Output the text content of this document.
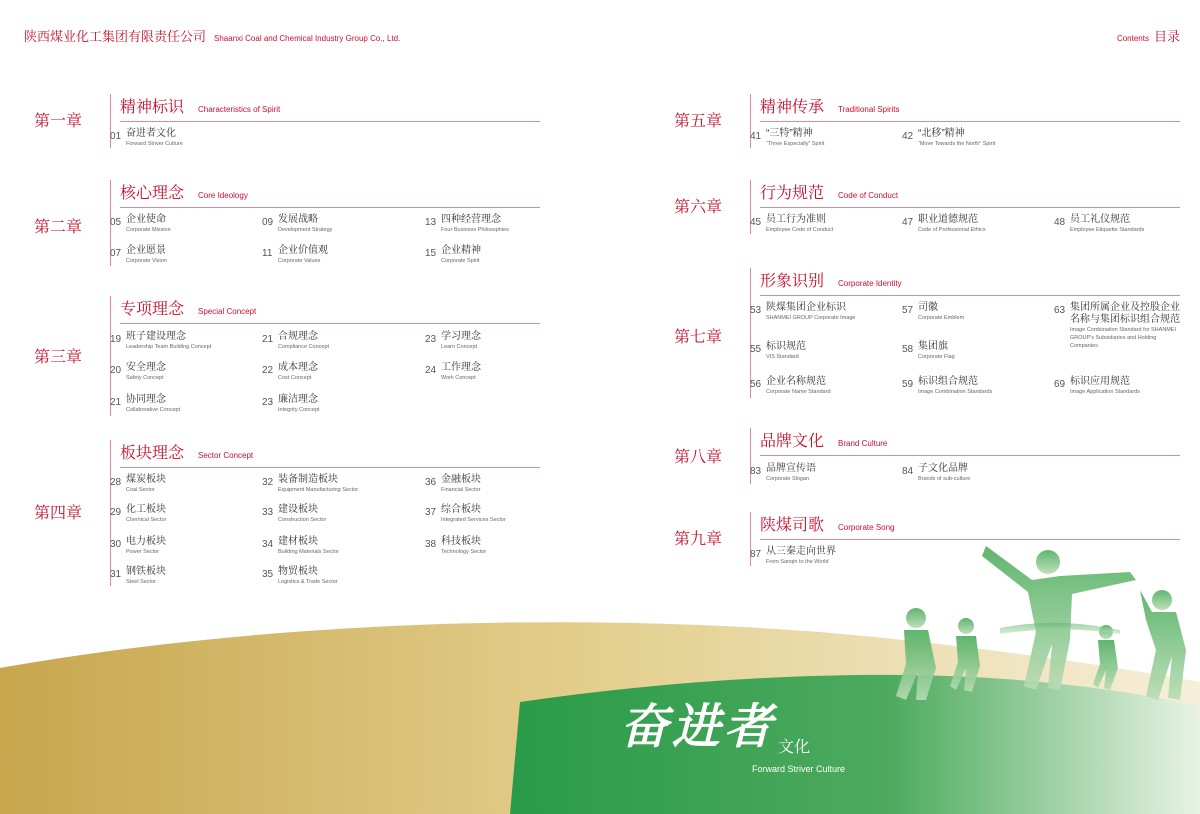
陕西煤业化工集团有限责任公司 Shaanxi Coal and Chemical Industry Group Co., Ltd.	Contents 目录
第一章
精神标识 Characteristics of Spirit
01 奋进者文化
Forward Striver Culture
第二章
核心理念 Core Ideology
05 企业使命
Corporate Mission
09 发展战略
Development Strategy
13 四种经营理念
Four Business Philosophies
07 企业愿景
Corporate Vision
11 企业价值观
Corporate Values
15 企业精神
Corporate Spirit
第三章
专项理念 Special Concept
19 班子建设理念
Leadership Team Building Concept
21 合规理念
Compliance Concept
23 学习理念
Learn Concept
20 安全理念
Safety Concept
22 成本理念
Cost Concept
24 工作理念
Work Concept
21 协同理念
Collaborative Concept
23 廉洁理念
Integrity Concept
第四章
板块理念 Sector Concept
28 煤炭板块
Coal Sector
32 装备制造板块
Equipment Manufacturing Sector
36 金融板块
Financial Sector
29 化工板块
Chemical Sector
33 建设板块
Construction Sector
37 综合板块
Integrated Services Sector
30 电力板块
Power Sector
34 建材板块
Building Materials Sector
38 科技板块
Technology Sector
31 钢铁板块
Steel Sector
35 物贸板块
Logistics & Trade Sector
第五章
精神传承 Traditional Spirits
41 “三特”精神
“Three Especially” Spirit
42 “北移”精神
“Move Towards the North” Spirit
第六章
行为规范 Code of Conduct
45 员工行为准则
Employee Code of Conduct
47 职业道德规范
Code of Professional Ethics
48 员工礼仪规范
Employee Etiquette Standards
第七章
形象识别 Corporate Identity
53 陕煤集团企业标识
SHANMEI GROUP Corporate Image
57 司徽
Corporate Emblem
63 集团所属企业及控股企业
名称与集团标识组合规范
Image Combination Standard for SHANMEI
GROUP's Subsidiaries and Holding
Companies
55 标识规范
VIS Standard
58 集团旗
Corporate Flag
56 企业名称规范
Corporate Name Standard
59 标识组合规范
Image Combination Standards
69 标识应用规范
Image Application Standards
第八章
品牌文化 Brand Culture
83 品牌宣传语
Corporate Slogan
84 子文化品牌
Brands of sub-culture
第九章
陕煤司歌 Corporate Song
87 从三秦走向世界
From Sanqin to the World
奋进者 文化
Forward Striver Culture
